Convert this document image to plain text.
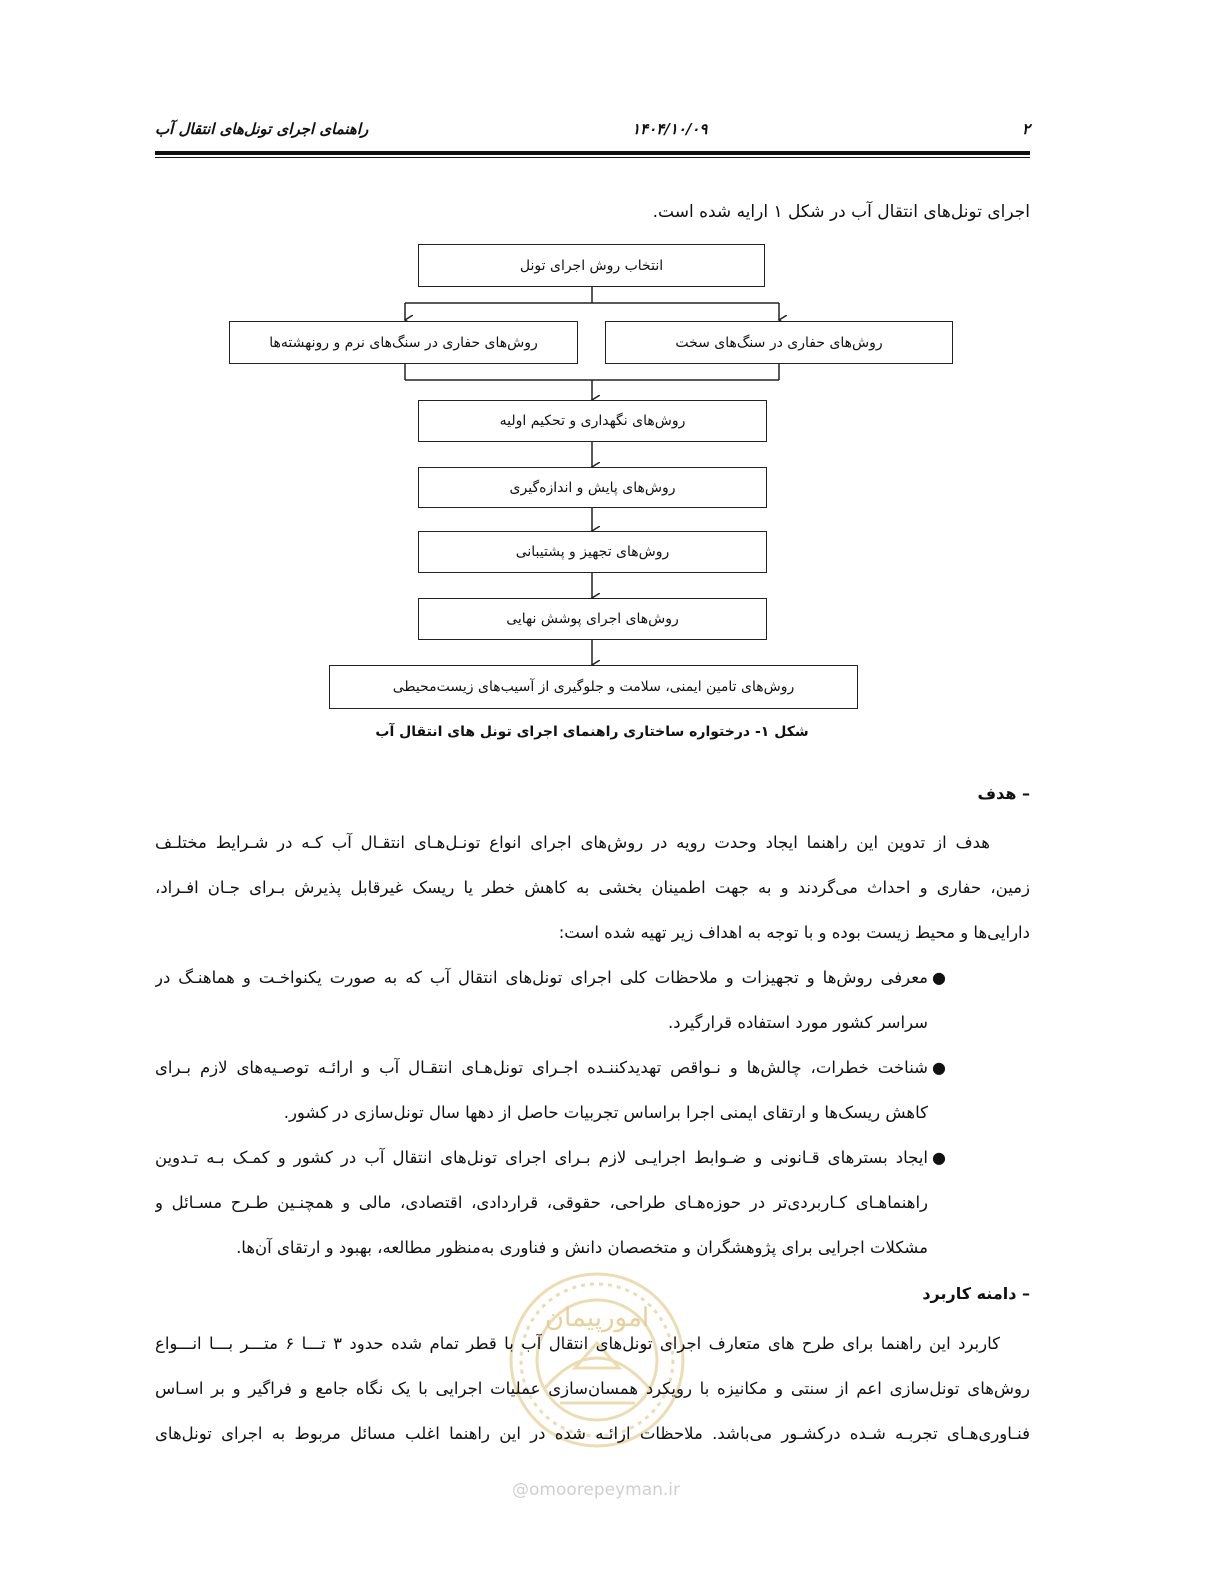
۲
۱۴۰۴/۱۰/۰۹
راهنمای اجرای تونل‌های انتقال آب
اجرای تونل‌های انتقال آب در شکل ۱ ارایه شده است.
انتخاب روش اجرای تونل
روش‌های حفاری در سنگ‌های نرم و رونهشته‌ها	روش‌های حفاری در سنگ‌های سخت
روش‌های نگهداری و تحکیم اولیه
روش‌های پایش و اندازه‌گیری
روش‌های تجهیز و پشتیبانی
روش‌های اجرای پوشش نهایی
روش‌های تامین ایمنی، سلامت و جلوگیری از آسیب‌های زیست‌محیطی
شکل ۱- درختواره ساختاری راهنمای اجرای تونل های انتقال آب
– هدف
هدف از تدوین این راهنما ایجاد وحدت رویه در روش‌های اجرای انواع تونـل‌هـای انتقـال آب کـه در شـرایط مختلـف
زمین، حفاری و احداث می‌گردند و به جهت اطمینان بخشی به کاهش خطر یا ریسک غیرقابل پذیرش بـرای جـان افـراد،
دارایی‌ها و محیط زیست بوده و با توجه به اهداف زیر تهیه شده است:
●
معرفی روش‌ها و تجهیزات و ملاحظات کلی اجرای تونل‌های انتقال آب که به صورت یکنواخـت و هماهنـگ در
سراسر کشور مورد استفاده قرارگیرد.
●
شناخت خطرات، چالش‌ها و نـواقص تهدیدکننـده اجـرای تونل‌هـای انتقـال آب و ارائـه توصـیه‌های لازم بـرای
کاهش ریسک‌ها و ارتقای ایمنی اجرا براساس تجربیات حاصل از دهها سال تونل‌سازی در کشور.
●
ایجاد بسترهای قـانونی و ضـوابط اجرایـی لازم بـرای اجرای تونل‌های انتقال آب در کشور و کمـک بـه تـدوین
راهنماهـای کـاربردی‌تر در حوزه‌هـای طراحی، حقوقی، قراردادی، اقتصادی، مالی و همچنـین طـرح مسـائل و
مشکلات اجرایی برای پژوهشگران و متخصصان دانش و فناوری به‌منظور مطالعه، بهبود و ارتقای آن‌ها.
امورپیمان
@omoorepeyman.ir
– دامنه کاربرد
کاربرد این راهنما برای طرح های متعارف اجرای تونل‌های انتقال آب با قطر تمام شده حدود ۳ تـــا ۶ متـــر بـــا انـــواع
روش‌های تونل‌سازی اعم از سنتی و مکانیزه با رویکرد همسان‌سازی عملیات اجرایی با یک نگاه جامع و فراگیر و بر اسـاس
فنـاوری‌هـای تجربـه شـده درکشـور می‌باشد. ملاحظات ارائـه شده در این راهنما اغلب مسائل مربوط به اجرای تونل‌های
